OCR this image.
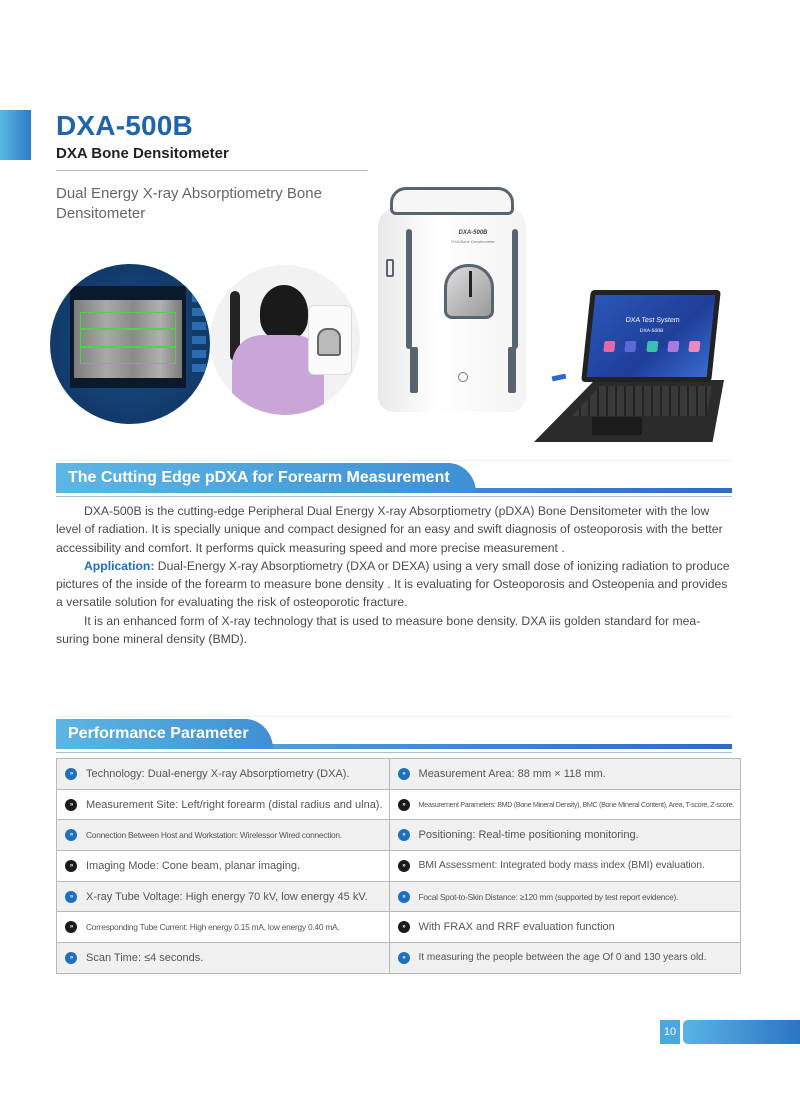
DXA-500B
DXA Bone Densitometer
Dual Energy X-ray Absorptiometry Bone Densitometer
DXA-500B
DXA Bone Densitometer
DXA Test System
DXA-500B
The Cutting Edge pDXA for Forearm Measurement

DXA-500B is the cutting-edge Peripheral Dual Energy X-ray Absorptiometry (pDXA) Bone Densitometer with the low level of radiation. It is specially unique and compact designed for an easy and swift diagnosis of osteoporosis with the better accessibility and comfort. It performs quick measuring speed and more precise measurement .

Application: Dual-Energy X-ray Absorptiometry (DXA or DEXA) using a very small dose of ionizing radiation to produce pictures of the inside of the forearm to measure bone density . It is evaluating for Osteoporosis and Osteopenia and provides a versatile solution for evaluating the risk of osteoporotic fracture.

It is an enhanced form of X-ray technology that is used to measure bone density. DXA iis golden standard for mea-suring bone mineral density (BMD).

Performance Parameter
» Technology: Dual-energy X-ray Absorptiometry (DXA).	» Measurement Area: 88 mm × 118 mm.

» Measurement Site: Left/right forearm (distal radius and ulna).	» Measurement Parameters: BMD (Bone Mineral Density), BMC (Bone Mineral Content), Area, T-score, Z-score.

» Connection Between Host and Workstation: Wirelessor Wired connection.	» Positioning: Real-time positioning monitoring.

» Imaging Mode: Cone beam, planar imaging.	» BMI Assessment: Integrated body mass index (BMI) evaluation.

» X-ray Tube Voltage: High energy 70 kV, low energy 45 kV.	» Focal Spot-to-Skin Distance: ≥120 mm (supported by test report evidence).

» Corresponding Tube Current: High energy 0.15 mA, low energy 0.40 mA.	» With FRAX and RRF evaluation function

» Scan Time: ≤4 seconds.	» It measuring the people between the age Of 0 and 130 years old.
10
